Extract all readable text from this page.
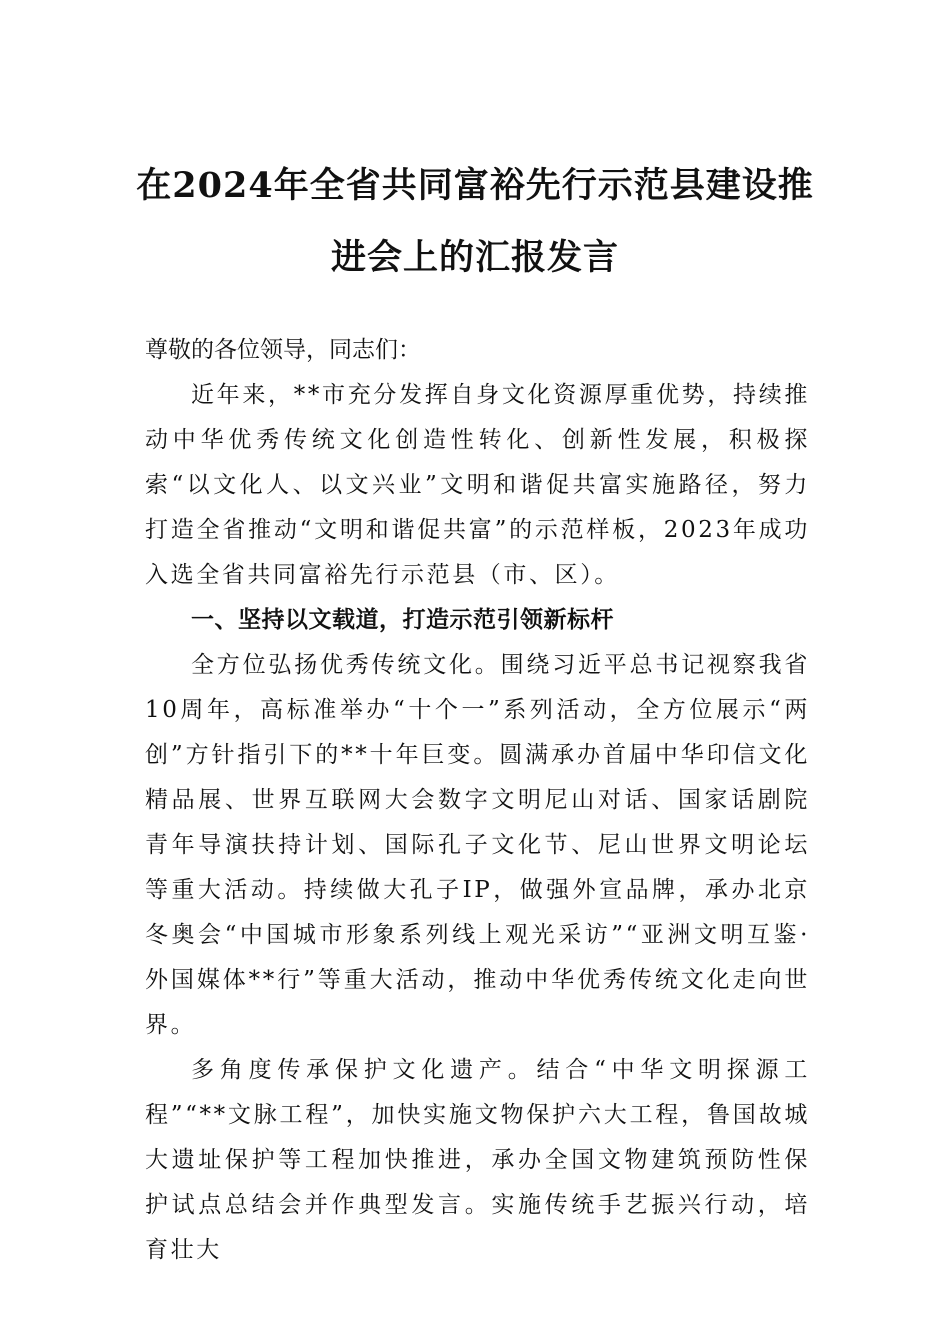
在2024年全省共同富裕先行示范县建设推
进会上的汇报发言

尊敬的各位领导，同志们：

近年来，**市充分发挥自身文化资源厚重优势，持续推动中华优秀传统文化创造性转化、创新性发展，积极探索“以文化人、以文兴业”文明和谐促共富实施路径，努力打造全省推动“文明和谐促共富”的示范样板，2023年成功入选全省共同富裕先行示范县（市、区）。

一、坚持以文载道，打造示范引领新标杆

全方位弘扬优秀传统文化。围绕习近平总书记视察我省10周年，高标准举办“十个一”系列活动，全方位展示“两创”方针指引下的**十年巨变。圆满承办首届中华印信文化精品展、世界互联网大会数字文明尼山对话、国家话剧院青年导演扶持计划、国际孔子文化节、尼山世界文明论坛等重大活动。持续做大孔子IP，做强外宣品牌，承办北京冬奥会“中国城市形象系列线上观光采访”“亚洲文明互鉴·外国媒体**行”等重大活动，推动中华优秀传统文化走向世界。

多角度传承保护文化遗产。结合“中华文明探源工程”“**文脉工程”，加快实施文物保护六大工程，鲁国故城大遗址保护等工程加快推进，承办全国文物建筑预防性保护试点总结会并作典型发言。实施传统手艺振兴行动，培育壮大
